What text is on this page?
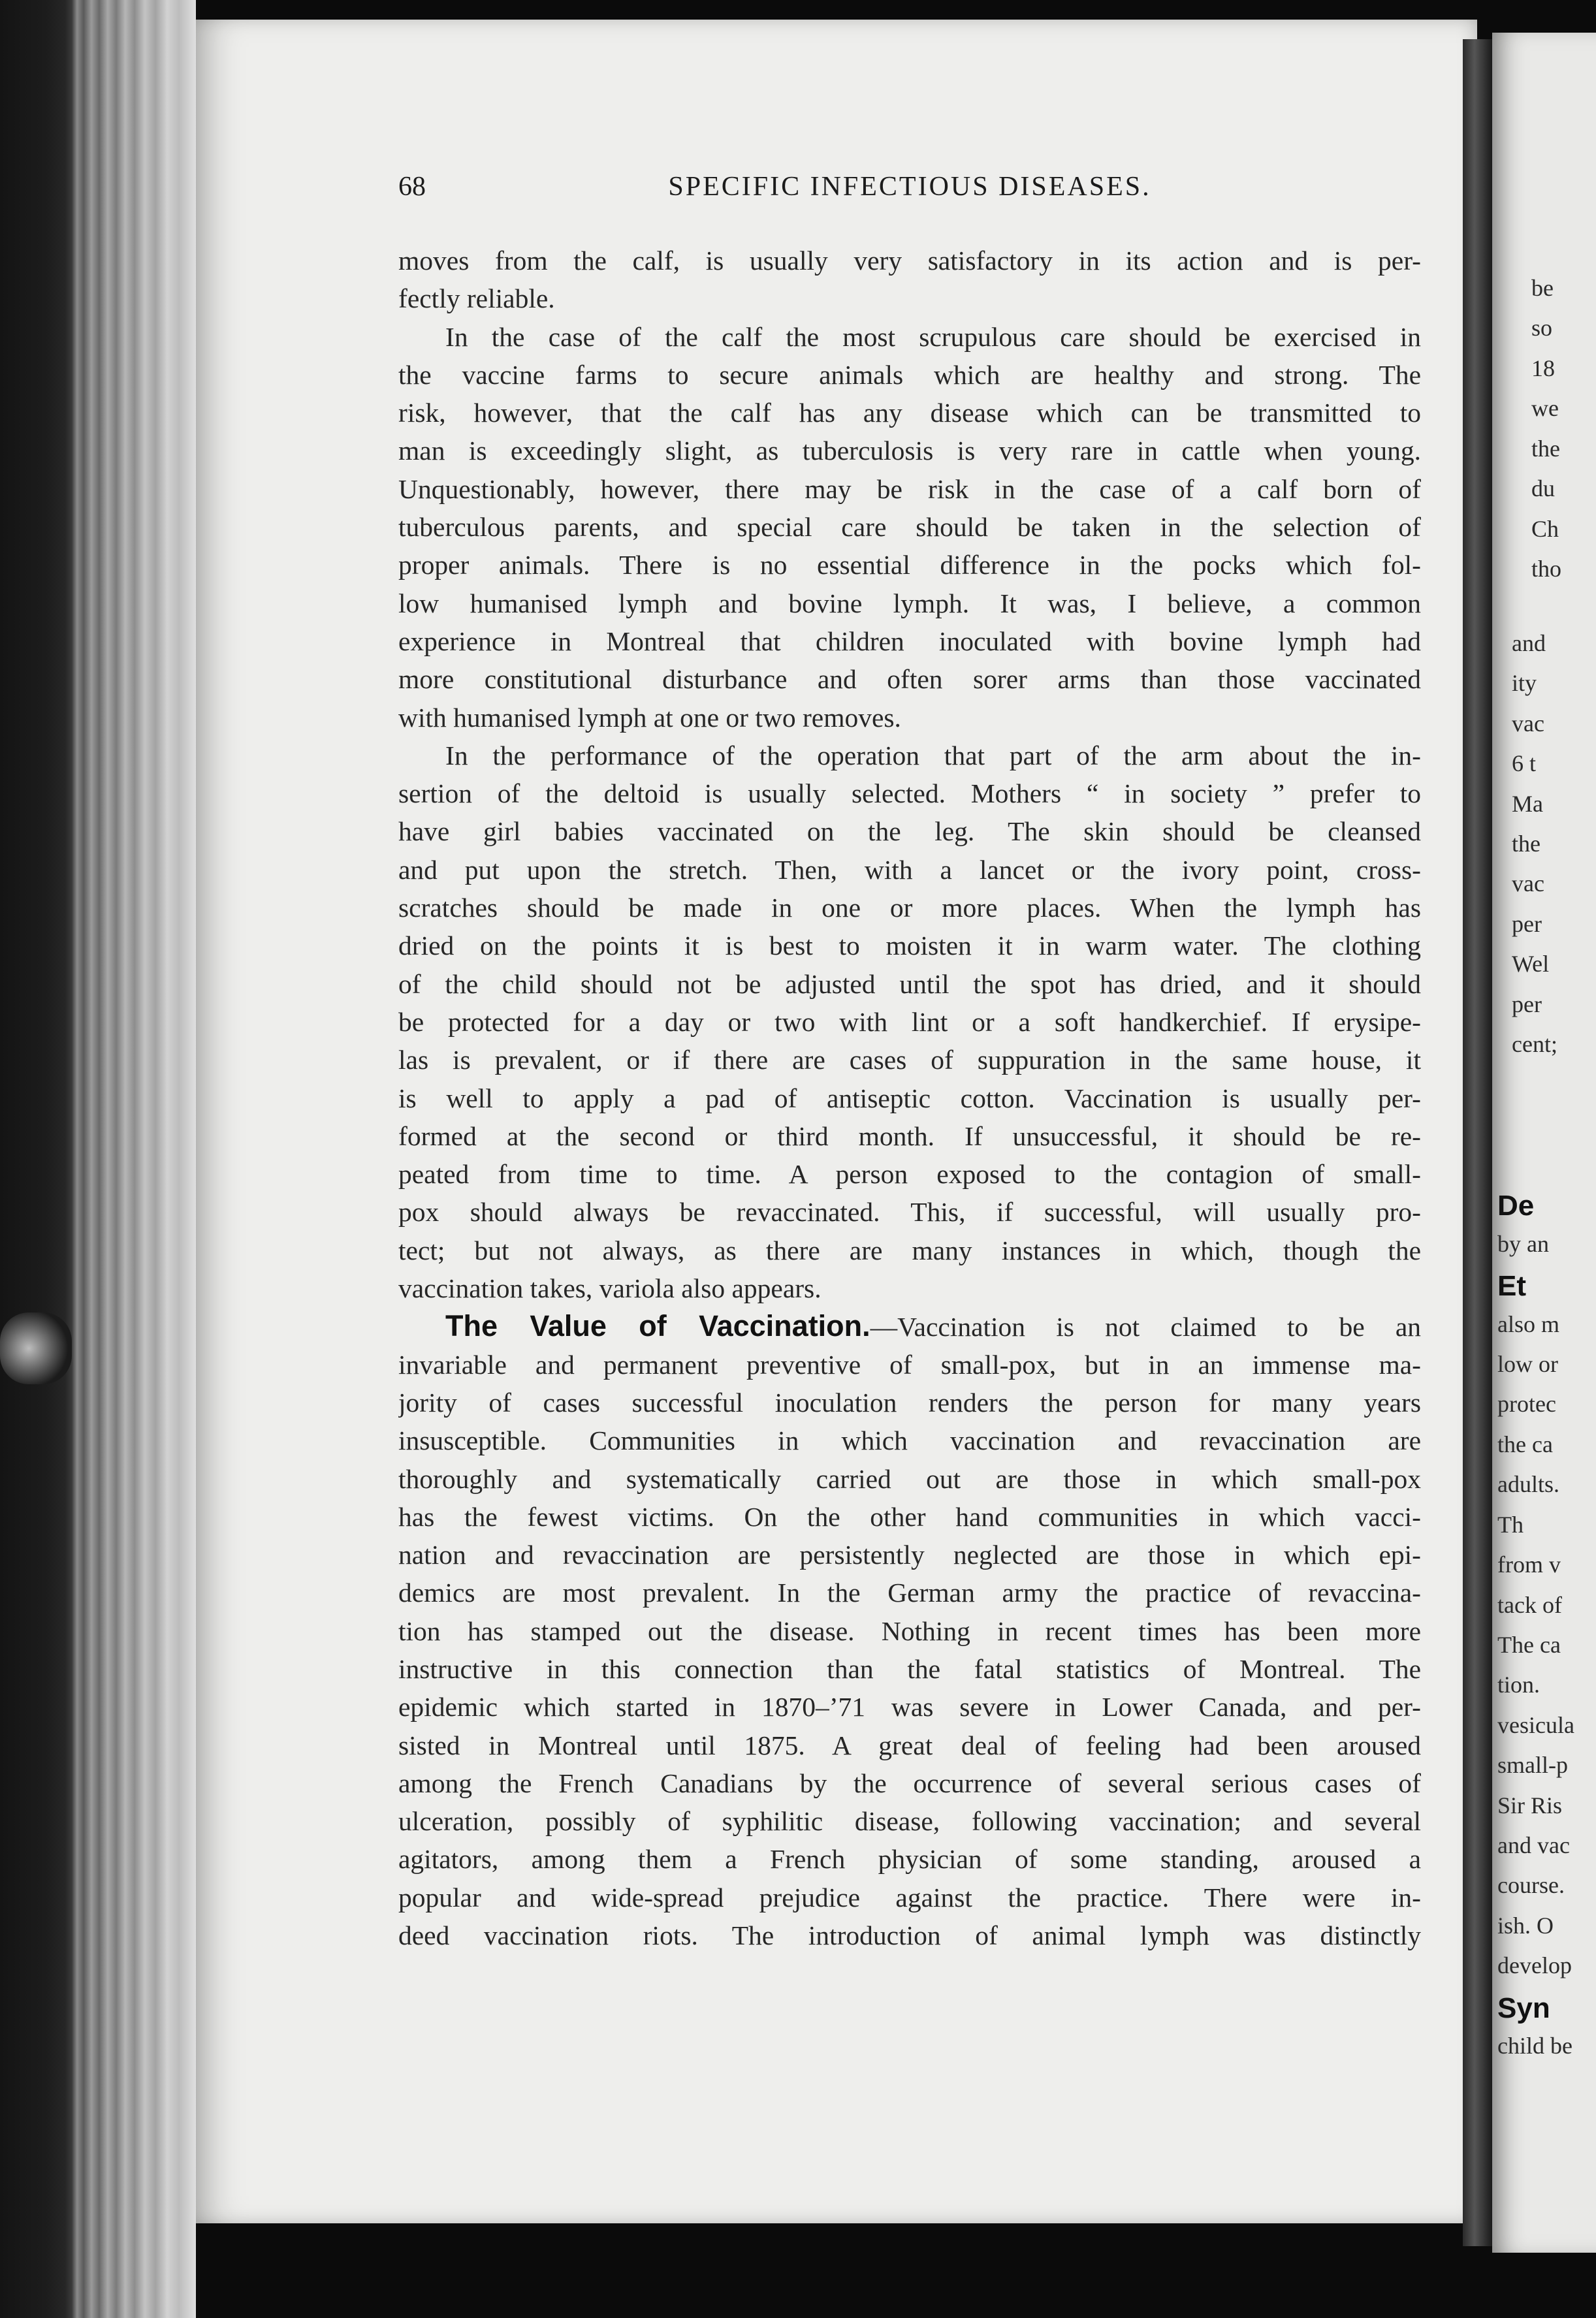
68	SPECIFIC INFECTIOUS DISEASES.
moves from the calf, is usually very satisfactory in its action and is per-
fectly reliable.
In the case of the calf the most scrupulous care should be exercised in
the vaccine farms to secure animals which are healthy and strong. The
risk, however, that the calf has any disease which can be transmitted to
man is exceedingly slight, as tuberculosis is very rare in cattle when young.
Unquestionably, however, there may be risk in the case of a calf born of
tuberculous parents, and special care should be taken in the selection of
proper animals. There is no essential difference in the pocks which fol-
low humanised lymph and bovine lymph. It was, I believe, a common
experience in Montreal that children inoculated with bovine lymph had
more constitutional disturbance and often sorer arms than those vaccinated
with humanised lymph at one or two removes.
In the performance of the operation that part of the arm about the in-
sertion of the deltoid is usually selected. Mothers “ in society ” prefer to
have girl babies vaccinated on the leg. The skin should be cleansed
and put upon the stretch. Then, with a lancet or the ivory point, cross-
scratches should be made in one or more places. When the lymph has
dried on the points it is best to moisten it in warm water. The clothing
of the child should not be adjusted until the spot has dried, and it should
be protected for a day or two with lint or a soft handkerchief. If erysipe-
las is prevalent, or if there are cases of suppuration in the same house, it
is well to apply a pad of antiseptic cotton. Vaccination is usually per-
formed at the second or third month. If unsuccessful, it should be re-
peated from time to time. A person exposed to the contagion of small-
pox should always be revaccinated. This, if successful, will usually pro-
tect; but not always, as there are many instances in which, though the
vaccination takes, variola also appears.
The Value of Vaccination.—Vaccination is not claimed to be an
invariable and permanent preventive of small-pox, but in an immense ma-
jority of cases successful inoculation renders the person for many years
insusceptible. Communities in which vaccination and revaccination are
thoroughly and systematically carried out are those in which small-pox
has the fewest victims. On the other hand communities in which vacci-
nation and revaccination are persistently neglected are those in which epi-
demics are most prevalent. In the German army the practice of revaccina-
tion has stamped out the disease. Nothing in recent times has been more
instructive in this connection than the fatal statistics of Montreal. The
epidemic which started in 1870–’71 was severe in Lower Canada, and per-
sisted in Montreal until 1875. A great deal of feeling had been aroused
among the French Canadians by the occurrence of several serious cases of
ulceration, possibly of syphilitic disease, following vaccination; and several
agitators, among them a French physician of some standing, aroused a
popular and wide-spread prejudice against the practice. There were in-
deed vaccination riots. The introduction of animal lymph was distinctly
be
so
18
we
the
du
Ch
tho
and
ity
vac
6 t
Ma
the
vac
per
Wel
per
cent;
De
by an
Et
also m
low or
protec
the ca
adults.
Th
from v
tack of
The ca
tion.
vesicula
small-p
Sir Ris
and vac
course.
ish. O
develop
Syn
child be
